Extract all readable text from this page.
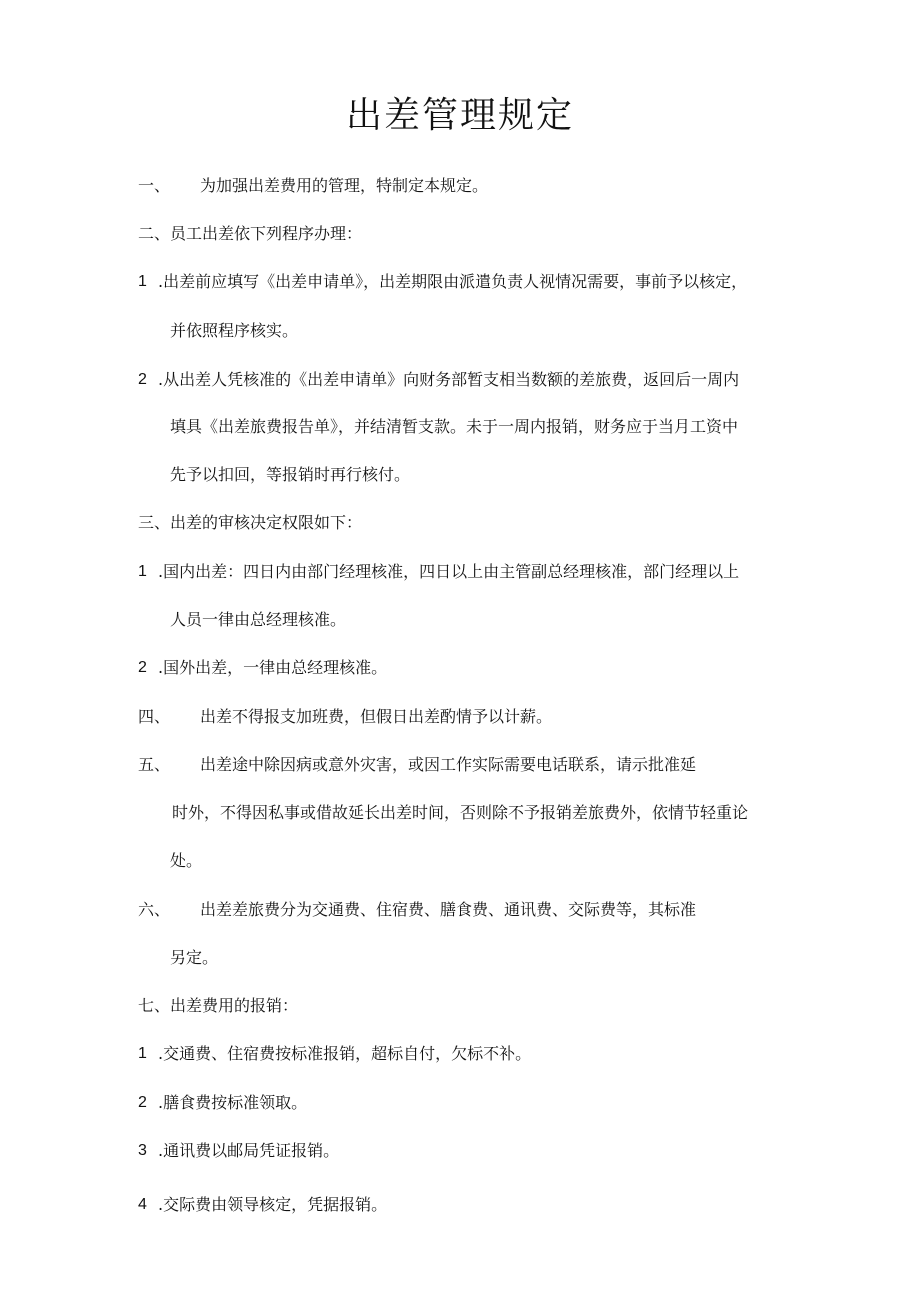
出差管理规定
一、 为加强出差费用的管理，特制定本规定。
二、员工出差依下列程序办理：
1 .出差前应填写《出差申请单》，出差期限由派遣负责人视情况需要，事前予以核定，
并依照程序核实。
2 .从出差人凭核准的《出差申请单》向财务部暂支相当数额的差旅费，返回后一周内
填具《出差旅费报告单》，并结清暂支款。未于一周内报销，财务应于当月工资中
先予以扣回，等报销时再行核付。
三、出差的审核决定权限如下：
1 .国内出差：四日内由部门经理核准，四日以上由主管副总经理核准，部门经理以上
人员一律由总经理核准。
2 .国外出差，一律由总经理核准。
四、 出差不得报支加班费，但假日出差酌情予以计薪。
五、 出差途中除因病或意外灾害，或因工作实际需要电话联系，请示批准延
时外，不得因私事或借故延长出差时间，否则除不予报销差旅费外，依情节轻重论
处。
六、 出差差旅费分为交通费、住宿费、膳食费、通讯费、交际费等，其标准
另定。
七、出差费用的报销：
1 .交通费、住宿费按标准报销，超标自付，欠标不补。
2 .膳食费按标准领取。
3 .通讯费以邮局凭证报销。
4 .交际费由领导核定，凭据报销。
